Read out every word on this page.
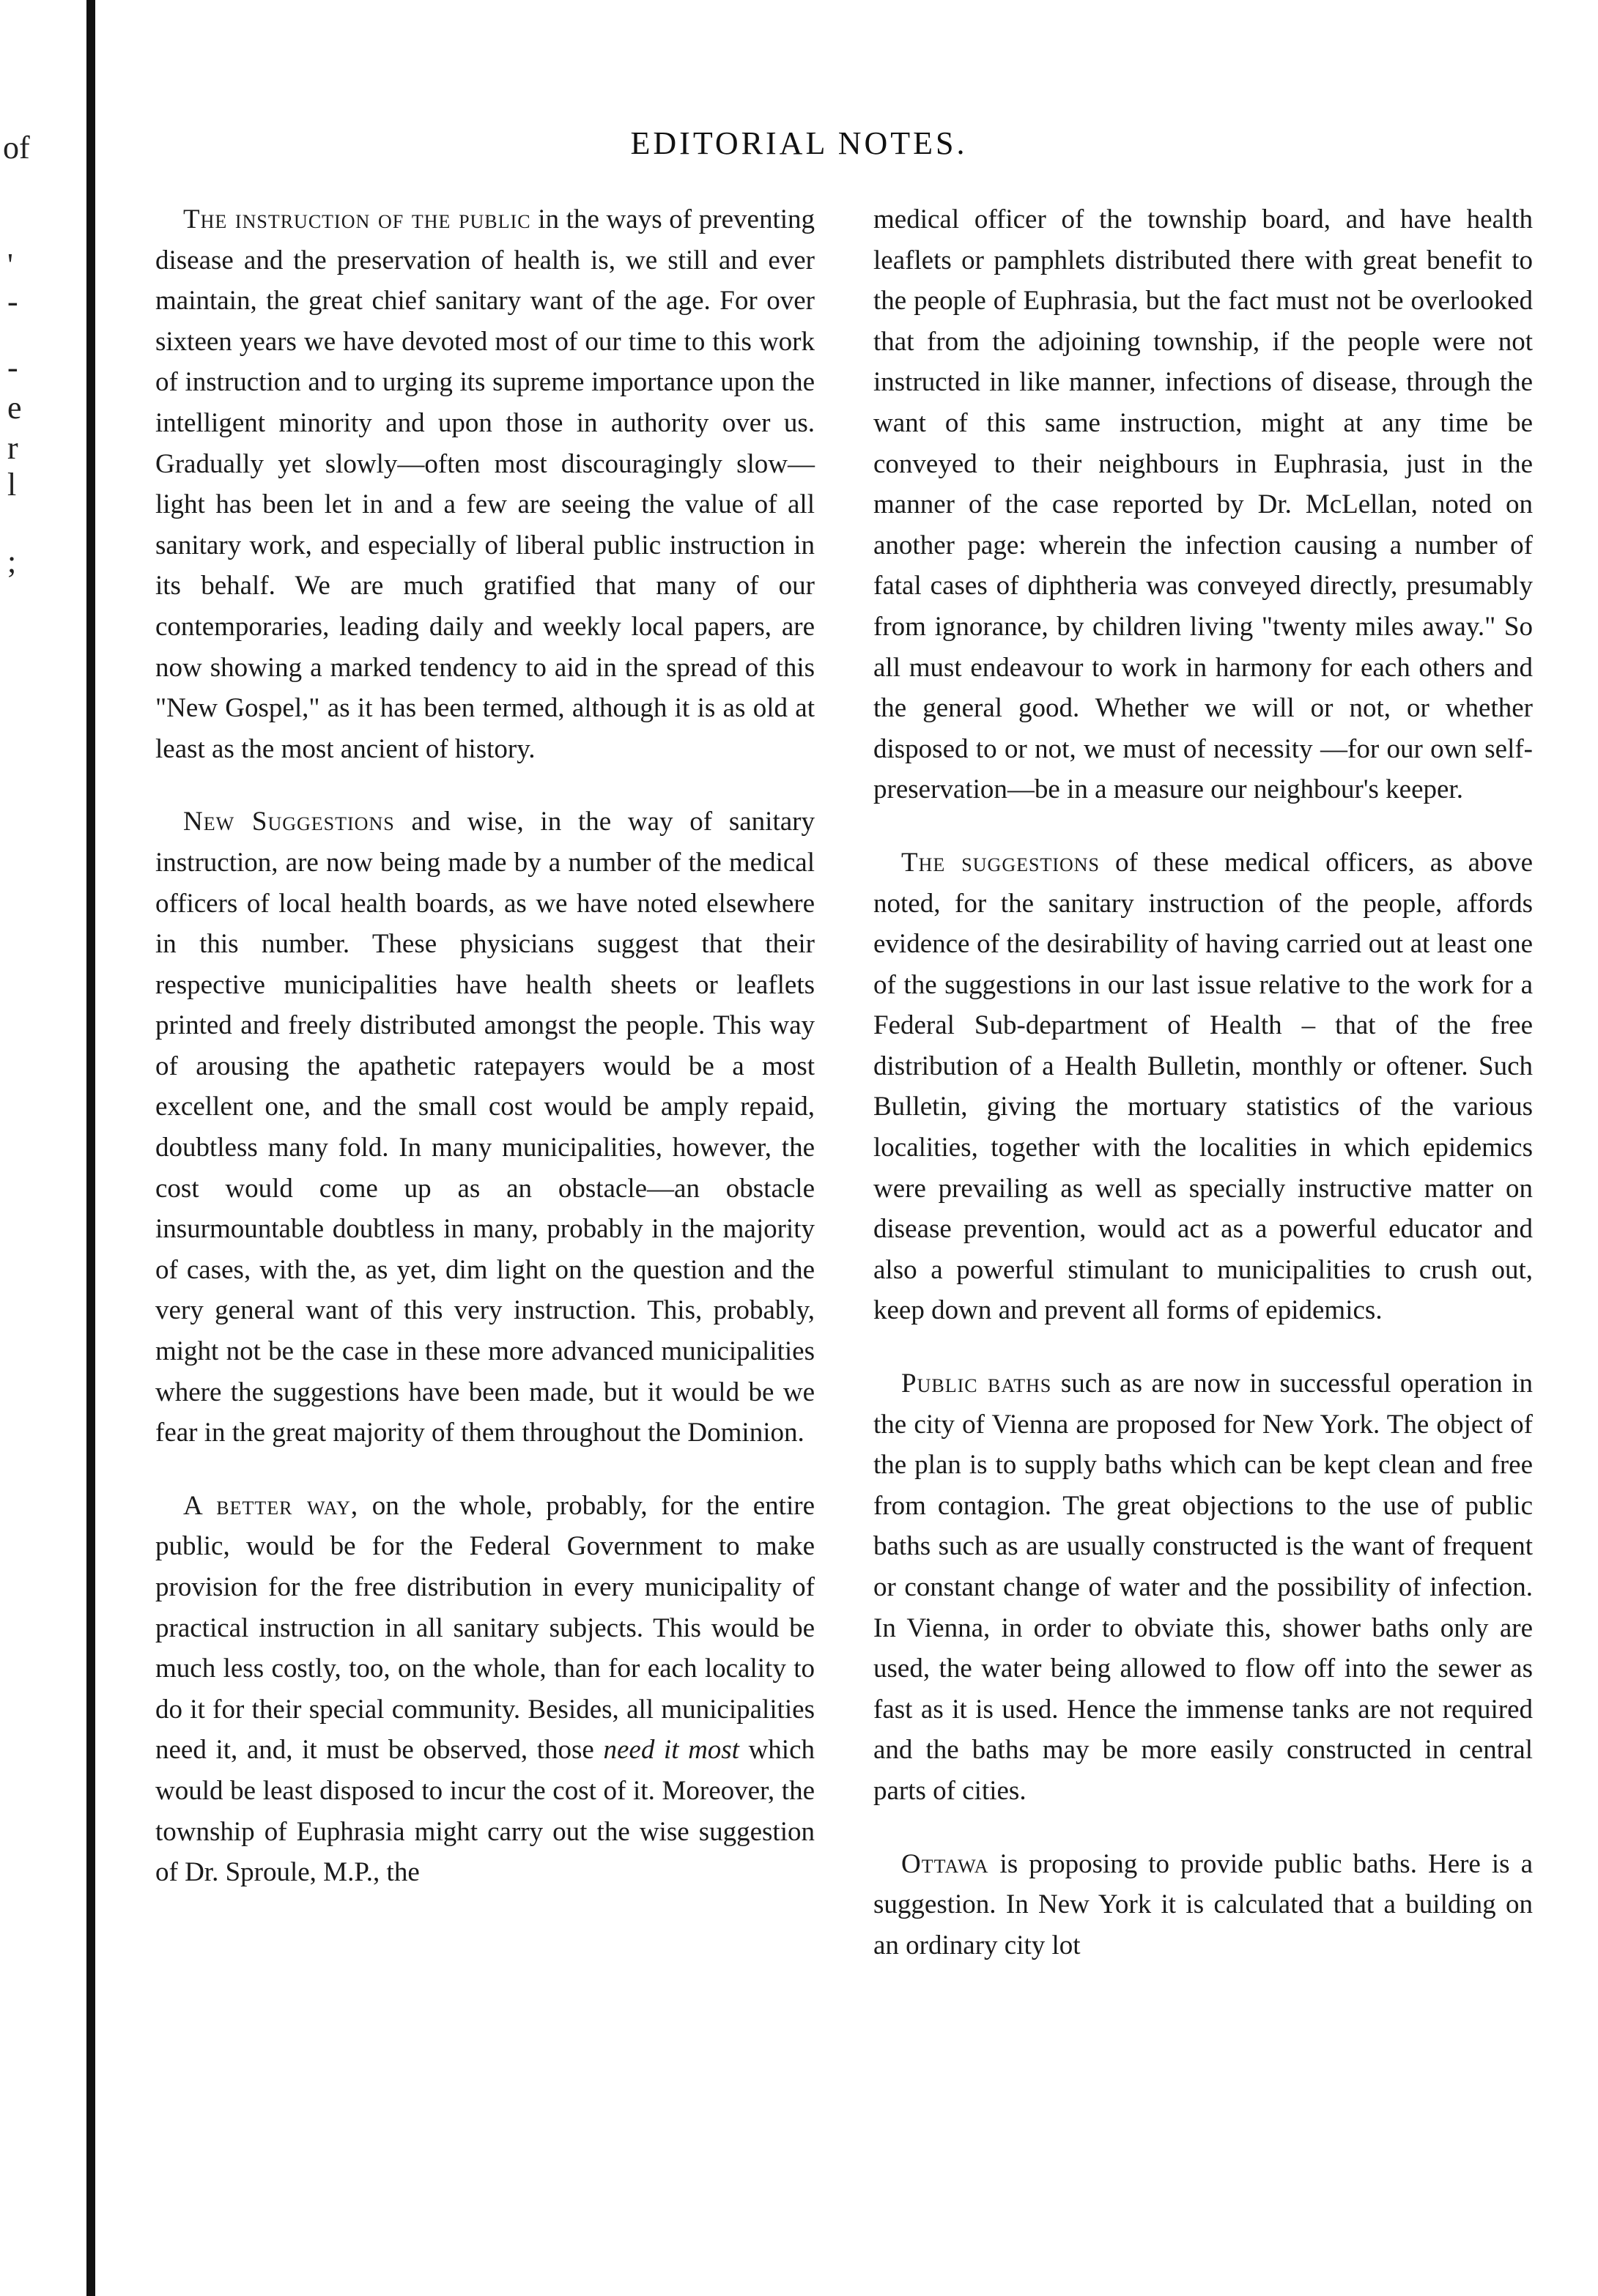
of
'
-
-
e
r
l
;
EDITORIAL NOTES.

The instruction of the public in the ways of preventing disease and the preservation of health is, we still and ever maintain, the great chief sanitary want of the age. For over sixteen years we have devoted most of our time to this work of instruction and to urging its supreme importance upon the intelligent minority and upon those in authority over us. Gradually yet slowly—often most discouragingly slow—light has been let in and a few are seeing the value of all sanitary work, and especially of liberal public instruction in its behalf. We are much gratified that many of our contemporaries, leading daily and weekly local papers, are now showing a marked tendency to aid in the spread of this "New Gospel," as it has been termed, although it is as old at least as the most ancient of history.

New Suggestions and wise, in the way of sanitary instruction, are now being made by a number of the medical officers of local health boards, as we have noted elsewhere in this number. These physicians suggest that their respective municipalities have health sheets or leaflets printed and freely distributed amongst the people. This way of arousing the apathetic ratepayers would be a most excellent one, and the small cost would be amply repaid, doubtless many fold. In many municipalities, however, the cost would come up as an obstacle—an obstacle insurmountable doubtless in many, probably in the majority of cases, with the, as yet, dim light on the question and the very general want of this very instruction. This, probably, might not be the case in these more advanced municipalities where the suggestions have been made, but it would be we fear in the great majority of them throughout the Dominion.

A better way, on the whole, probably, for the entire public, would be for the Federal Government to make provision for the free distribution in every municipality of practical instruction in all sanitary subjects. This would be much less costly, too, on the whole, than for each locality to do it for their special community. Besides, all municipalities need it, and, it must be observed, those need it most which would be least disposed to incur the cost of it. Moreover, the township of Euphrasia might carry out the wise suggestion of Dr. Sproule, M.P., the

medical officer of the township board, and have health leaflets or pamphlets distributed there with great benefit to the people of Euphrasia, but the fact must not be overlooked that from the adjoining township, if the people were not instructed in like manner, infections of disease, through the want of this same instruction, might at any time be conveyed to their neighbours in Euphrasia, just in the manner of the case reported by Dr. McLellan, noted on another page: wherein the infection causing a number of fatal cases of diphtheria was conveyed directly, presumably from ignorance, by children living "twenty miles away." So all must endeavour to work in harmony for each others and the general good. Whether we will or not, or whether disposed to or not, we must of necessity —for our own self-preservation—be in a measure our neighbour's keeper.

The suggestions of these medical officers, as above noted, for the sanitary instruction of the people, affords evidence of the desirability of having carried out at least one of the suggestions in our last issue relative to the work for a Federal Sub-department of Health – that of the free distribution of a Health Bulletin, monthly or oftener. Such Bulletin, giving the mortuary statistics of the various localities, together with the localities in which epidemics were prevailing as well as specially instructive matter on disease prevention, would act as a powerful educator and also a powerful stimulant to municipalities to crush out, keep down and prevent all forms of epidemics.

Public baths such as are now in successful operation in the city of Vienna are proposed for New York. The object of the plan is to supply baths which can be kept clean and free from contagion. The great objections to the use of public baths such as are usually constructed is the want of frequent or constant change of water and the possibility of infection. In Vienna, in order to obviate this, shower baths only are used, the water being allowed to flow off into the sewer as fast as it is used. Hence the immense tanks are not required and the baths may be more easily constructed in central parts of cities.

Ottawa is proposing to provide public baths. Here is a suggestion. In New York it is calculated that a building on an ordinary city lot
